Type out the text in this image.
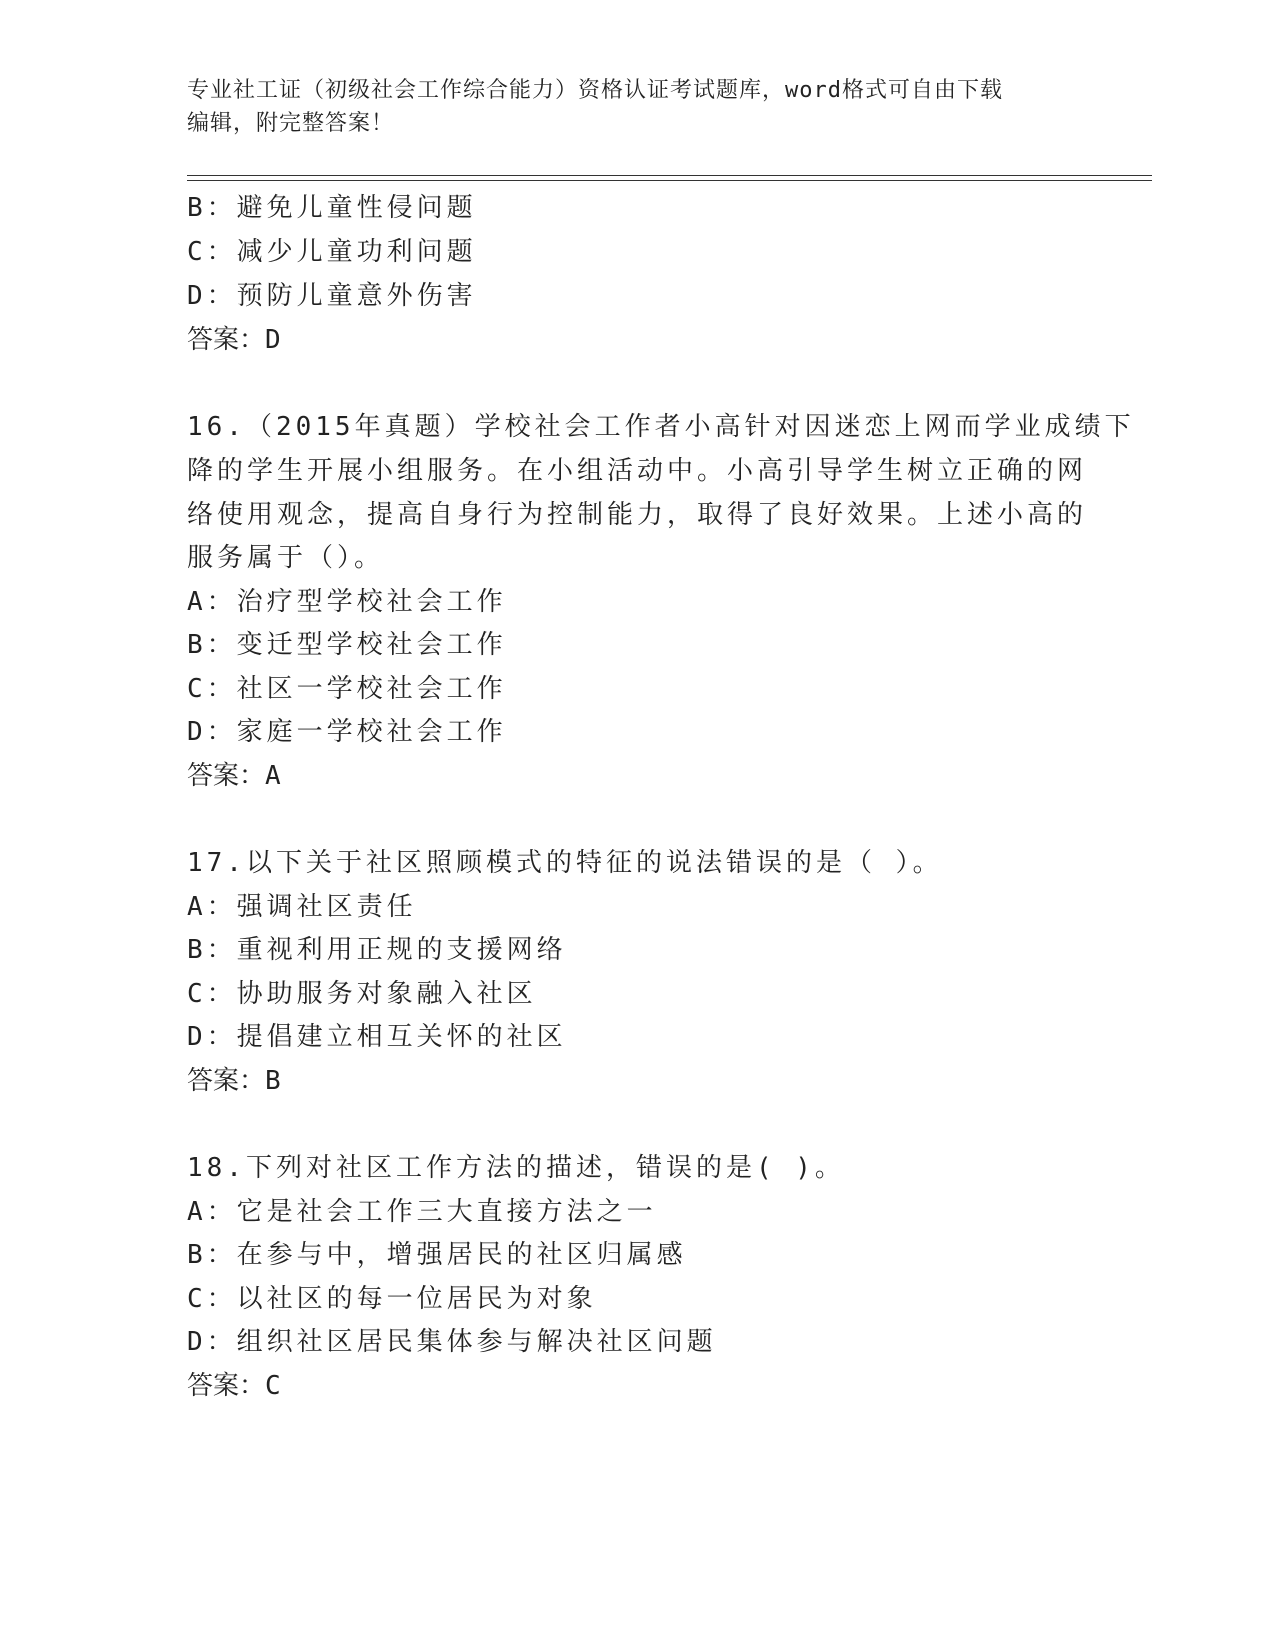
专业社工证（初级社会工作综合能力）资格认证考试题库，word格式可自由下载
编辑，附完整答案！
B：避免儿童性侵问题
C：减少儿童功利问题
D：预防儿童意外伤害
答案：D
16.（2015年真题）学校社会工作者小高针对因迷恋上网而学业成绩下
降的学生开展小组服务。在小组活动中。小高引导学生树立正确的网
络使用观念，提高自身行为控制能力，取得了良好效果。上述小高的
服务属于（）。
A：治疗型学校社会工作
B：变迁型学校社会工作
C：社区一学校社会工作
D：家庭一学校社会工作
答案：A
17.以下关于社区照顾模式的特征的说法错误的是（ ）。
A：强调社区责任
B：重视利用正规的支援网络
C：协助服务对象融入社区
D：提倡建立相互关怀的社区
答案：B
18.下列对社区工作方法的描述，错误的是( )。
A：它是社会工作三大直接方法之一
B：在参与中，增强居民的社区归属感
C：以社区的每一位居民为对象
D：组织社区居民集体参与解决社区问题
答案：C
